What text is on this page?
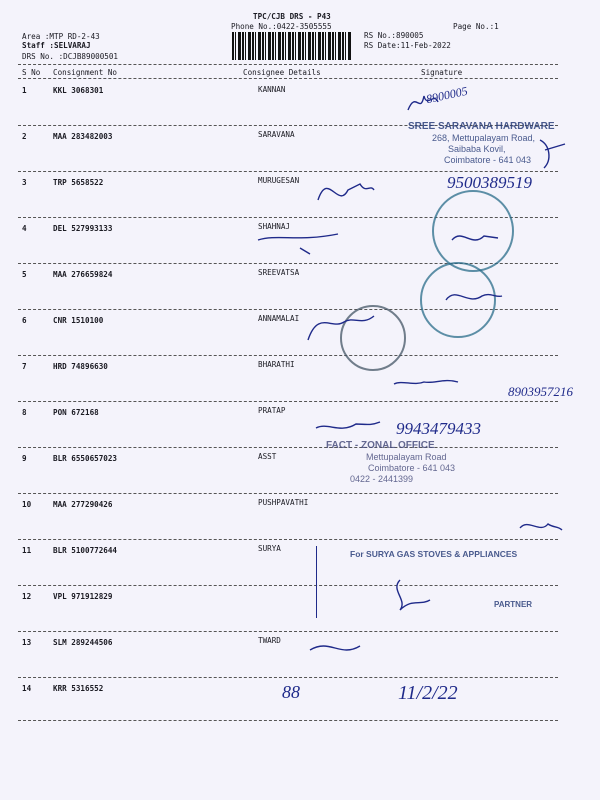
TPC/CJB DRS - P43
Phone No.:0422-3505555	Page No.:1
Area :MTP RD-2-43
Staff :SELVARAJ
DRS No. :DCJB89000501
RS No.:890005
RS Date:11-Feb-2022
S No Consignment No	Consignee Details	Signature
1	KKL 3068301	KANNAN
2	MAA 283482003	SARAVANA
3	TRP 5658522	MURUGESAN
4	DEL 527993133	SHAHNAJ
5	MAA 276659824	SREEVATSA
6	CNR 1510100	ANNAMALAI
7	HRD 74896630	BHARATHI
8	PON 672168	PRATAP
9	BLR 6550657023	ASST
10	MAA 277290426	PUSHPAVATHI
11	BLR 5100772644	SURYA
12	VPL 971912829
13	SLM 289244506	TWARD
14	KRR 5316552
SREE SARAVANA HARDWARE
268, Mettupalayam Road,
Saibaba Kovil,
Coimbatore - 641 043
FACT - ZONAL OFFICE
Mettupalayam Road
Coimbatore - 641 043
0422 - 2441399
For SURYA GAS STOVES & APPLIANCES
PARTNER
8900005
9500389519
8903957216
9943479433
11/2/22
88
